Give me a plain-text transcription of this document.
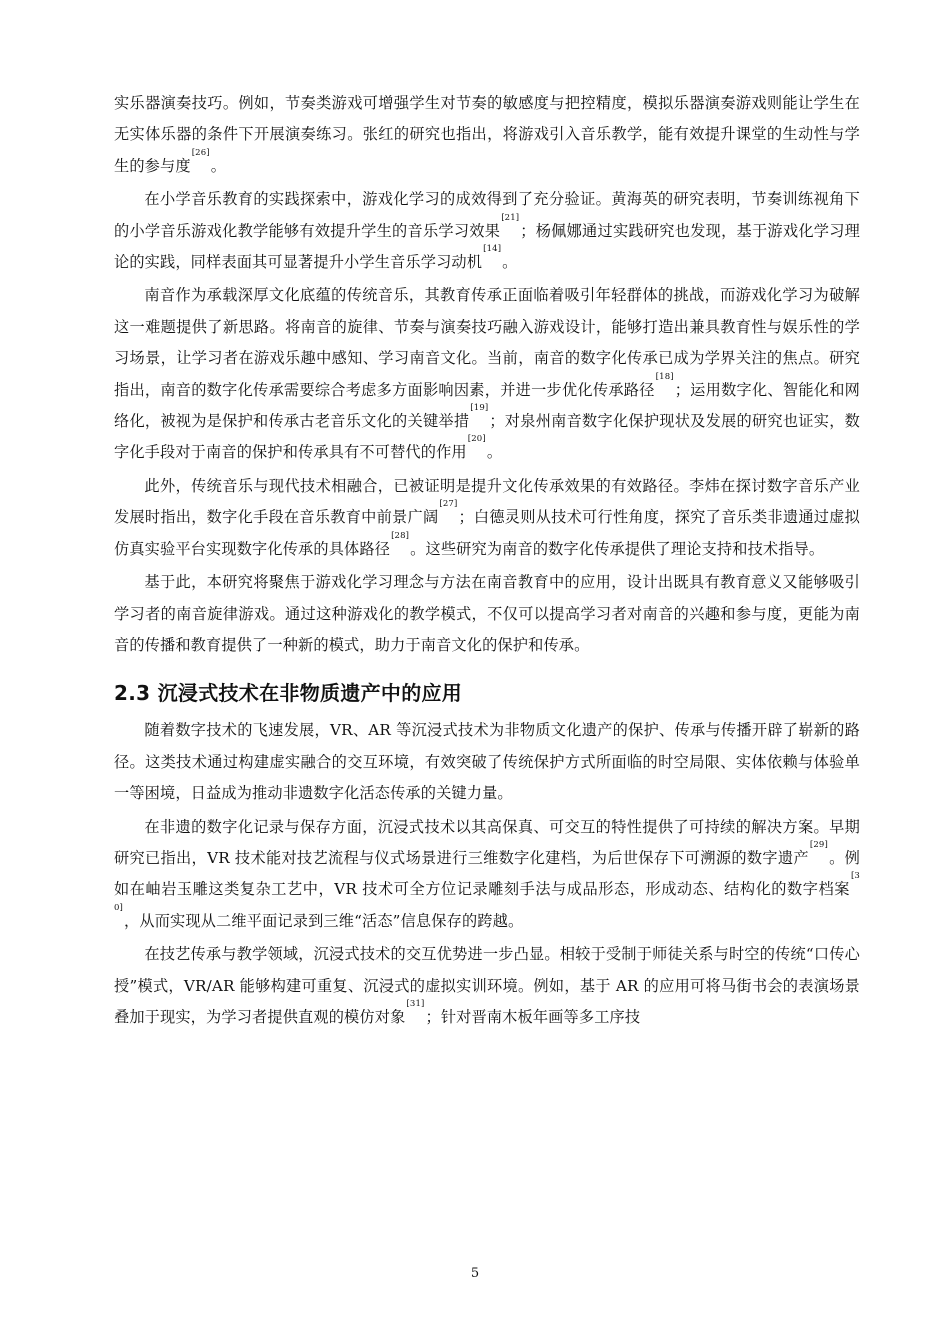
实乐器演奏技巧。例如，节奏类游戏可增强学生对节奏的敏感度与把控精度，模拟乐器演奏游戏则能让学生在无实体乐器的条件下开展演奏练习。张红的研究也指出，将游戏引入音乐教学，能有效提升课堂的生动性与学生的参与度[26]。

在小学音乐教育的实践探索中，游戏化学习的成效得到了充分验证。黄海英的研究表明，节奏训练视角下的小学音乐游戏化教学能够有效提升学生的音乐学习效果[21]；杨佩娜通过实践研究也发现，基于游戏化学习理论的实践，同样表面其可显著提升小学生音乐学习动机[14]。

南音作为承载深厚文化底蕴的传统音乐，其教育传承正面临着吸引年轻群体的挑战，而游戏化学习为破解这一难题提供了新思路。将南音的旋律、节奏与演奏技巧融入游戏设计，能够打造出兼具教育性与娱乐性的学习场景，让学习者在游戏乐趣中感知、学习南音文化。当前，南音的数字化传承已成为学界关注的焦点。研究指出，南音的数字化传承需要综合考虑多方面影响因素，并进一步优化传承路径[18]；运用数字化、智能化和网络化，被视为是保护和传承古老音乐文化的关键举措[19]；对泉州南音数字化保护现状及发展的研究也证实，数字化手段对于南音的保护和传承具有不可替代的作用[20]。

此外，传统音乐与现代技术相融合，已被证明是提升文化传承效果的有效路径。李炜在探讨数字音乐产业发展时指出，数字化手段在音乐教育中前景广阔[27]；白德灵则从技术可行性角度，探究了音乐类非遗通过虚拟仿真实验平台实现数字化传承的具体路径[28]。这些研究为南音的数字化传承提供了理论支持和技术指导。

基于此，本研究将聚焦于游戏化学习理念与方法在南音教育中的应用，设计出既具有教育意义又能够吸引学习者的南音旋律游戏。通过这种游戏化的教学模式，不仅可以提高学习者对南音的兴趣和参与度，更能为南音的传播和教育提供了一种新的模式，助力于南音文化的保护和传承。

2.3 沉浸式技术在非物质遗产中的应用

随着数字技术的飞速发展，VR、AR 等沉浸式技术为非物质文化遗产的保护、传承与传播开辟了崭新的路径。这类技术通过构建虚实融合的交互环境，有效突破了传统保护方式所面临的时空局限、实体依赖与体验单一等困境，日益成为推动非遗数字化活态传承的关键力量。

在非遗的数字化记录与保存方面，沉浸式技术以其高保真、可交互的特性提供了可持续的解决方案。早期研究已指出，VR 技术能对技艺流程与仪式场景进行三维数字化建档，为后世保存下可溯源的数字遗产[29]。例如在岫岩玉雕这类复杂工艺中，VR 技术可全方位记录雕刻手法与成品形态，形成动态、结构化的数字档案[30]，从而实现从二维平面记录到三维“活态”信息保存的跨越。

在技艺传承与教学领域，沉浸式技术的交互优势进一步凸显。相较于受制于师徒关系与时空的传统“口传心授”模式，VR/AR 能够构建可重复、沉浸式的虚拟实训环境。例如，基于 AR 的应用可将马街书会的表演场景叠加于现实，为学习者提供直观的模仿对象[31]；针对晋南木板年画等多工序技

5
